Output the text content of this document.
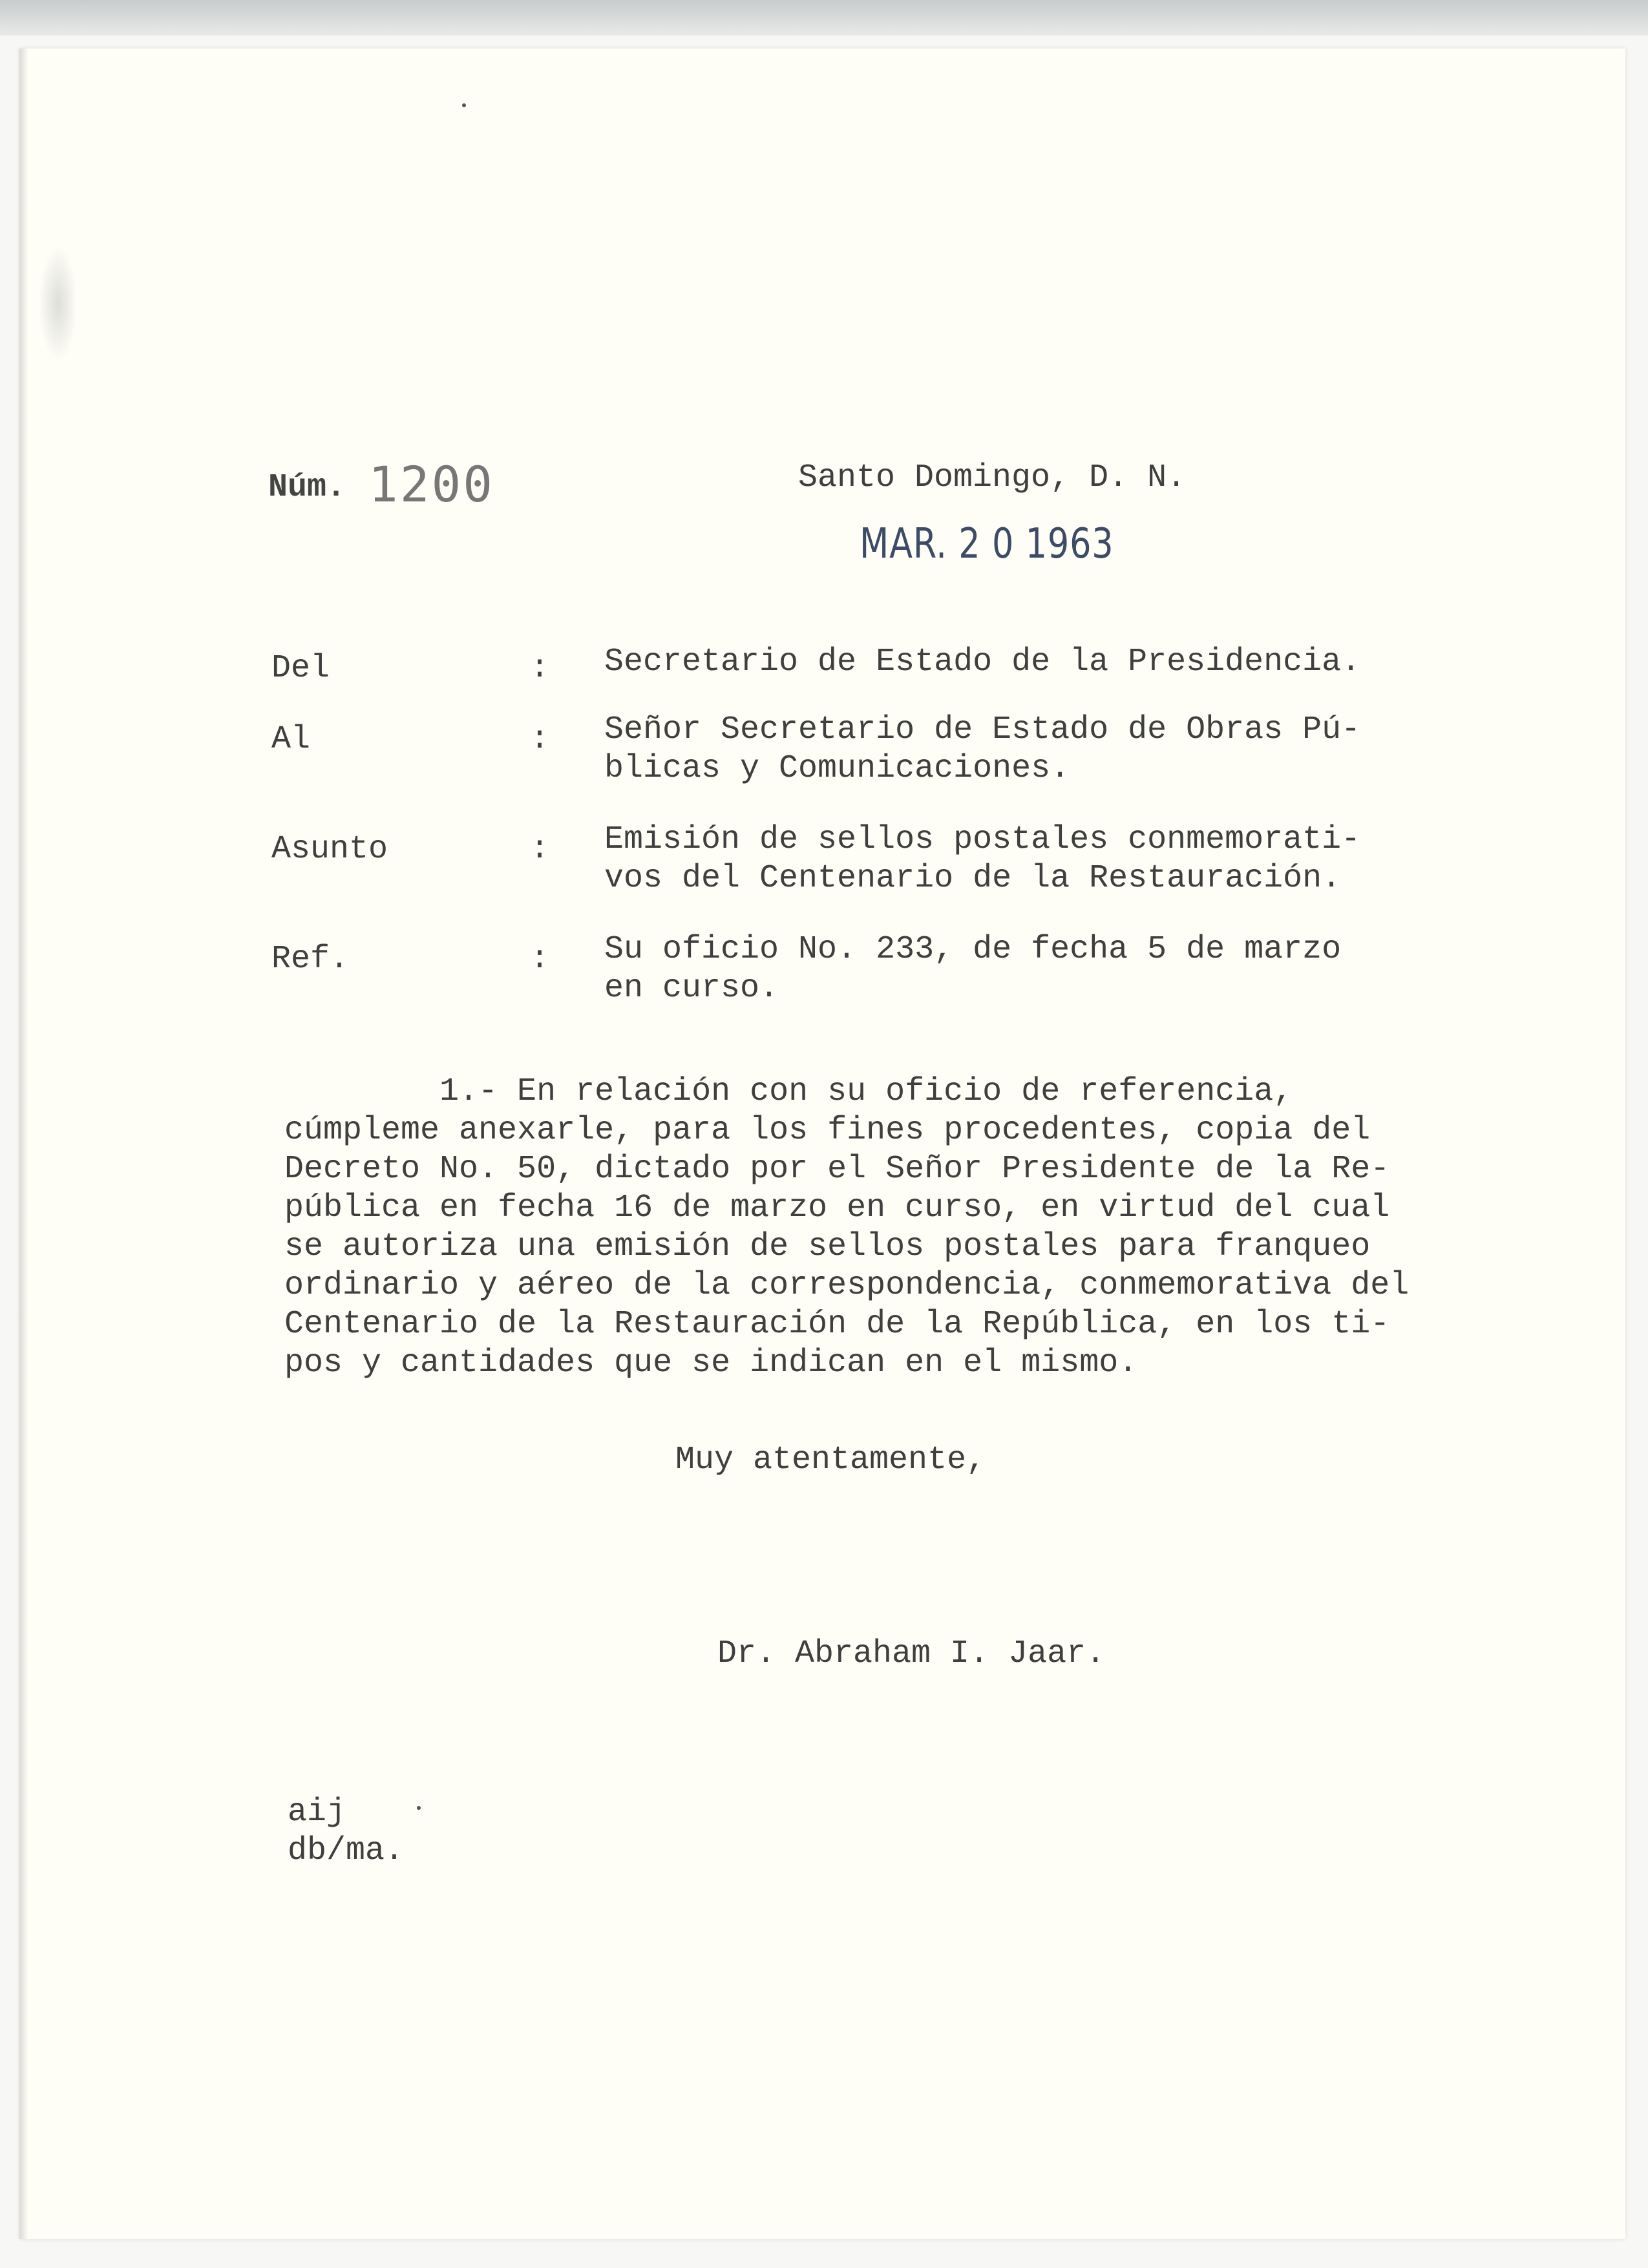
Núm. 1200	Santo Domingo, D. N.
MAR. 2 0 1963
Del	: Secretario de Estado de la Presidencia.
Al	: Señor Secretario de Estado de Obras Pú-
blicas y Comunicaciones.
Asunto	: Emisión de sellos postales conmemorati-
vos del Centenario de la Restauración.
Ref.	: Su oficio No. 233, de fecha 5 de marzo
en curso.
1.- En relación con su oficio de referencia,
cúmpleme anexarle, para los fines procedentes, copia del
Decreto No. 50, dictado por el Señor Presidente de la Re-
pública en fecha 16 de marzo en curso, en virtud del cual
se autoriza una emisión de sellos postales para franqueo
ordinario y aéreo de la correspondencia, conmemorativa del
Centenario de la Restauración de la República, en los ti-
pos y cantidades que se indican en el mismo.
Muy atentamente,
Dr. Abraham I. Jaar.
aij
db/ma.
